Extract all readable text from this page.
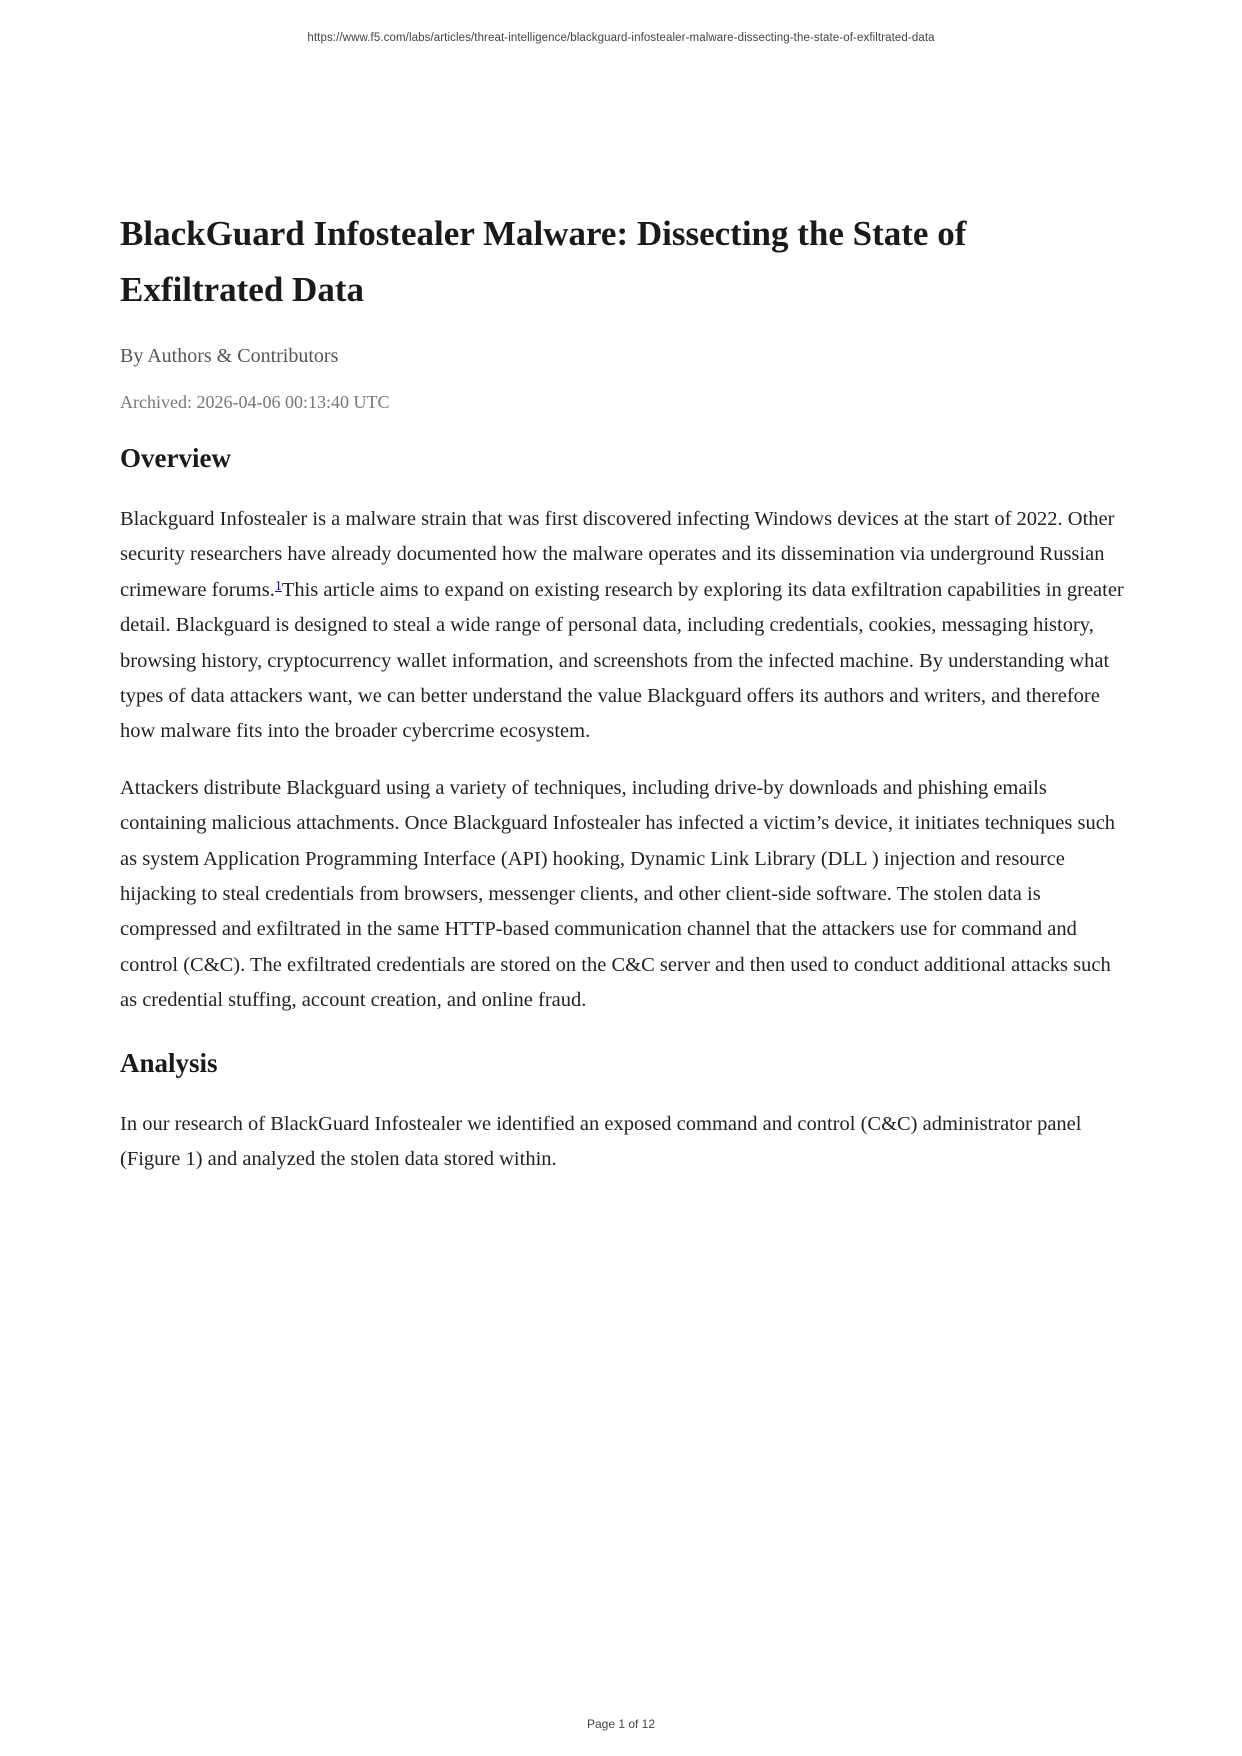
https://www.f5.com/labs/articles/threat-intelligence/blackguard-infostealer-malware-dissecting-the-state-of-exfiltrated-data
BlackGuard Infostealer Malware: Dissecting the State of
Exfiltrated Data
By Authors & Contributors
Archived: 2026-04-06 00:13:40 UTC
Overview

Blackguard Infostealer is a malware strain that was first discovered infecting Windows devices at the start of 2022. Other security researchers have already documented how the malware operates and its dissemination via underground Russian crimeware forums.$^1$This article aims to expand on existing research by exploring its data exfiltration capabilities in greater detail. Blackguard is designed to steal a wide range of personal data, including credentials, cookies, messaging history, browsing history, cryptocurrency wallet information, and screenshots from the infected machine. By understanding what types of data attackers want, we can better understand the value Blackguard offers its authors and writers, and therefore how malware fits into the broader cybercrime ecosystem.

Attackers distribute Blackguard using a variety of techniques, including drive-by downloads and phishing emails containing malicious attachments. Once Blackguard Infostealer has infected a victim’s device, it initiates techniques such as system Application Programming Interface (API) hooking, Dynamic Link Library (DLL ) injection and resource hijacking to steal credentials from browsers, messenger clients, and other client-side software. The stolen data is compressed and exfiltrated in the same HTTP-based communication channel that the attackers use for command and control (C&C). The exfiltrated credentials are stored on the C&C server and then used to conduct additional attacks such as credential stuffing, account creation, and online fraud.

Analysis

In our research of BlackGuard Infostealer we identified an exposed command and control (C&C) administrator panel (Figure 1) and analyzed the stolen data stored within.

Page 1 of 12
